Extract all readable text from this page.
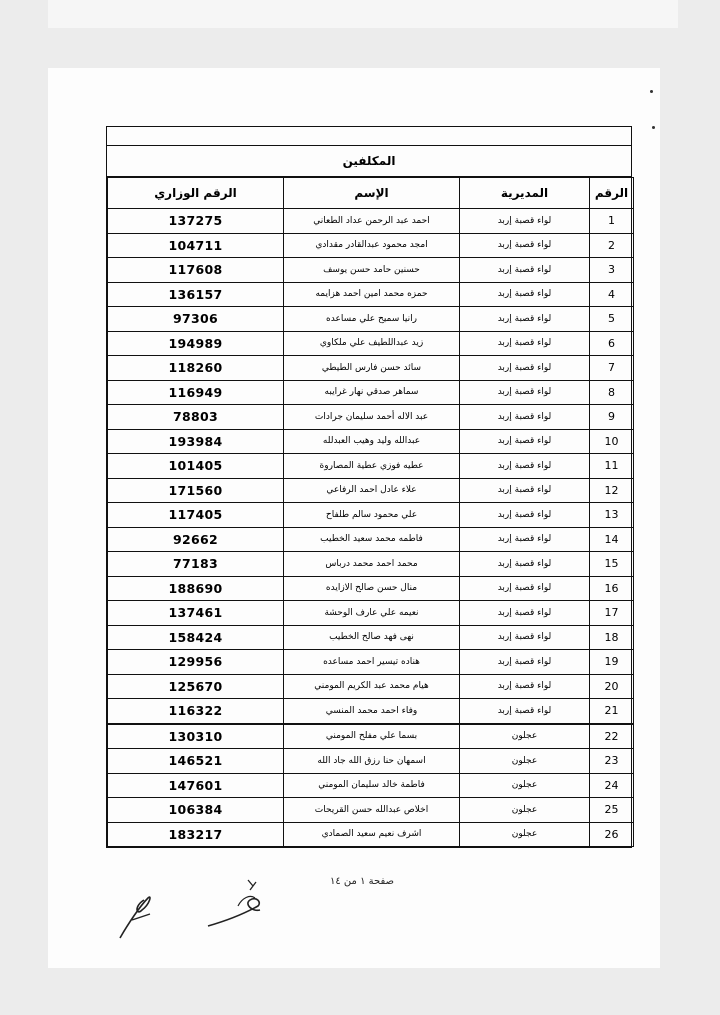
المكلفين
الرقم	المديرية	الإسم	الرقم الوزاري
1	لواء قصبة إربد	احمد عبد الرحمن عداد الطعاني	137275
2	لواء قصبة إربد	امجد محمود عبدالقادر مقدادي	104711
3	لواء قصبة إربد	حسنين حامد حسن يوسف	117608
4	لواء قصبة إربد	حمزه محمد امين احمد هزايمه	136157
5	لواء قصبة إربد	رانيا سميح علي مساعده	97306
6	لواء قصبة إربد	زيد عبداللطيف علي ملكاوي	194989
7	لواء قصبة إربد	سائد حسن فارس الطيطي	118260
8	لواء قصبة إربد	سماهر صدقي نهار غرايبه	116949
9	لواء قصبة إربد	عبد الاله أحمد سليمان جرادات	78803
10	لواء قصبة إربد	عبدالله وليد وهيب العبدلله	193984
11	لواء قصبة إربد	عطيه فوزي عطية المصاروة	101405
12	لواء قصبة إربد	علاء عادل احمد الرفاعي	171560
13	لواء قصبة إربد	علي محمود سالم طلفاح	117405
14	لواء قصبة إربد	فاطمه محمد سعيد الخطيب	92662
15	لواء قصبة إربد	محمد احمد محمد درباس	77183
16	لواء قصبة إربد	منال حسن صالح الازايده	188690
17	لواء قصبة إربد	نعيمه علي عارف الوحشة	137461
18	لواء قصبة إربد	نهى فهد صالح الخطيب	158424
19	لواء قصبة إربد	هناده تيسير احمد مساعده	129956
20	لواء قصبة إربد	هيام محمد عبد الكريم المومني	125670
21	لواء قصبة إربد	وفاء احمد محمد المنسي	116322
22	عجلون	بسما علي مفلح المومني	130310
23	عجلون	اسمهان حنا رزق الله جاد الله	146521
24	عجلون	فاطمة خالد سليمان المومني	147601
25	عجلون	اخلاص عبدالله حسن القريحات	106384
26	عجلون	اشرف نعيم سعيد الصمادي	183217
صفحة ١ من ١٤
